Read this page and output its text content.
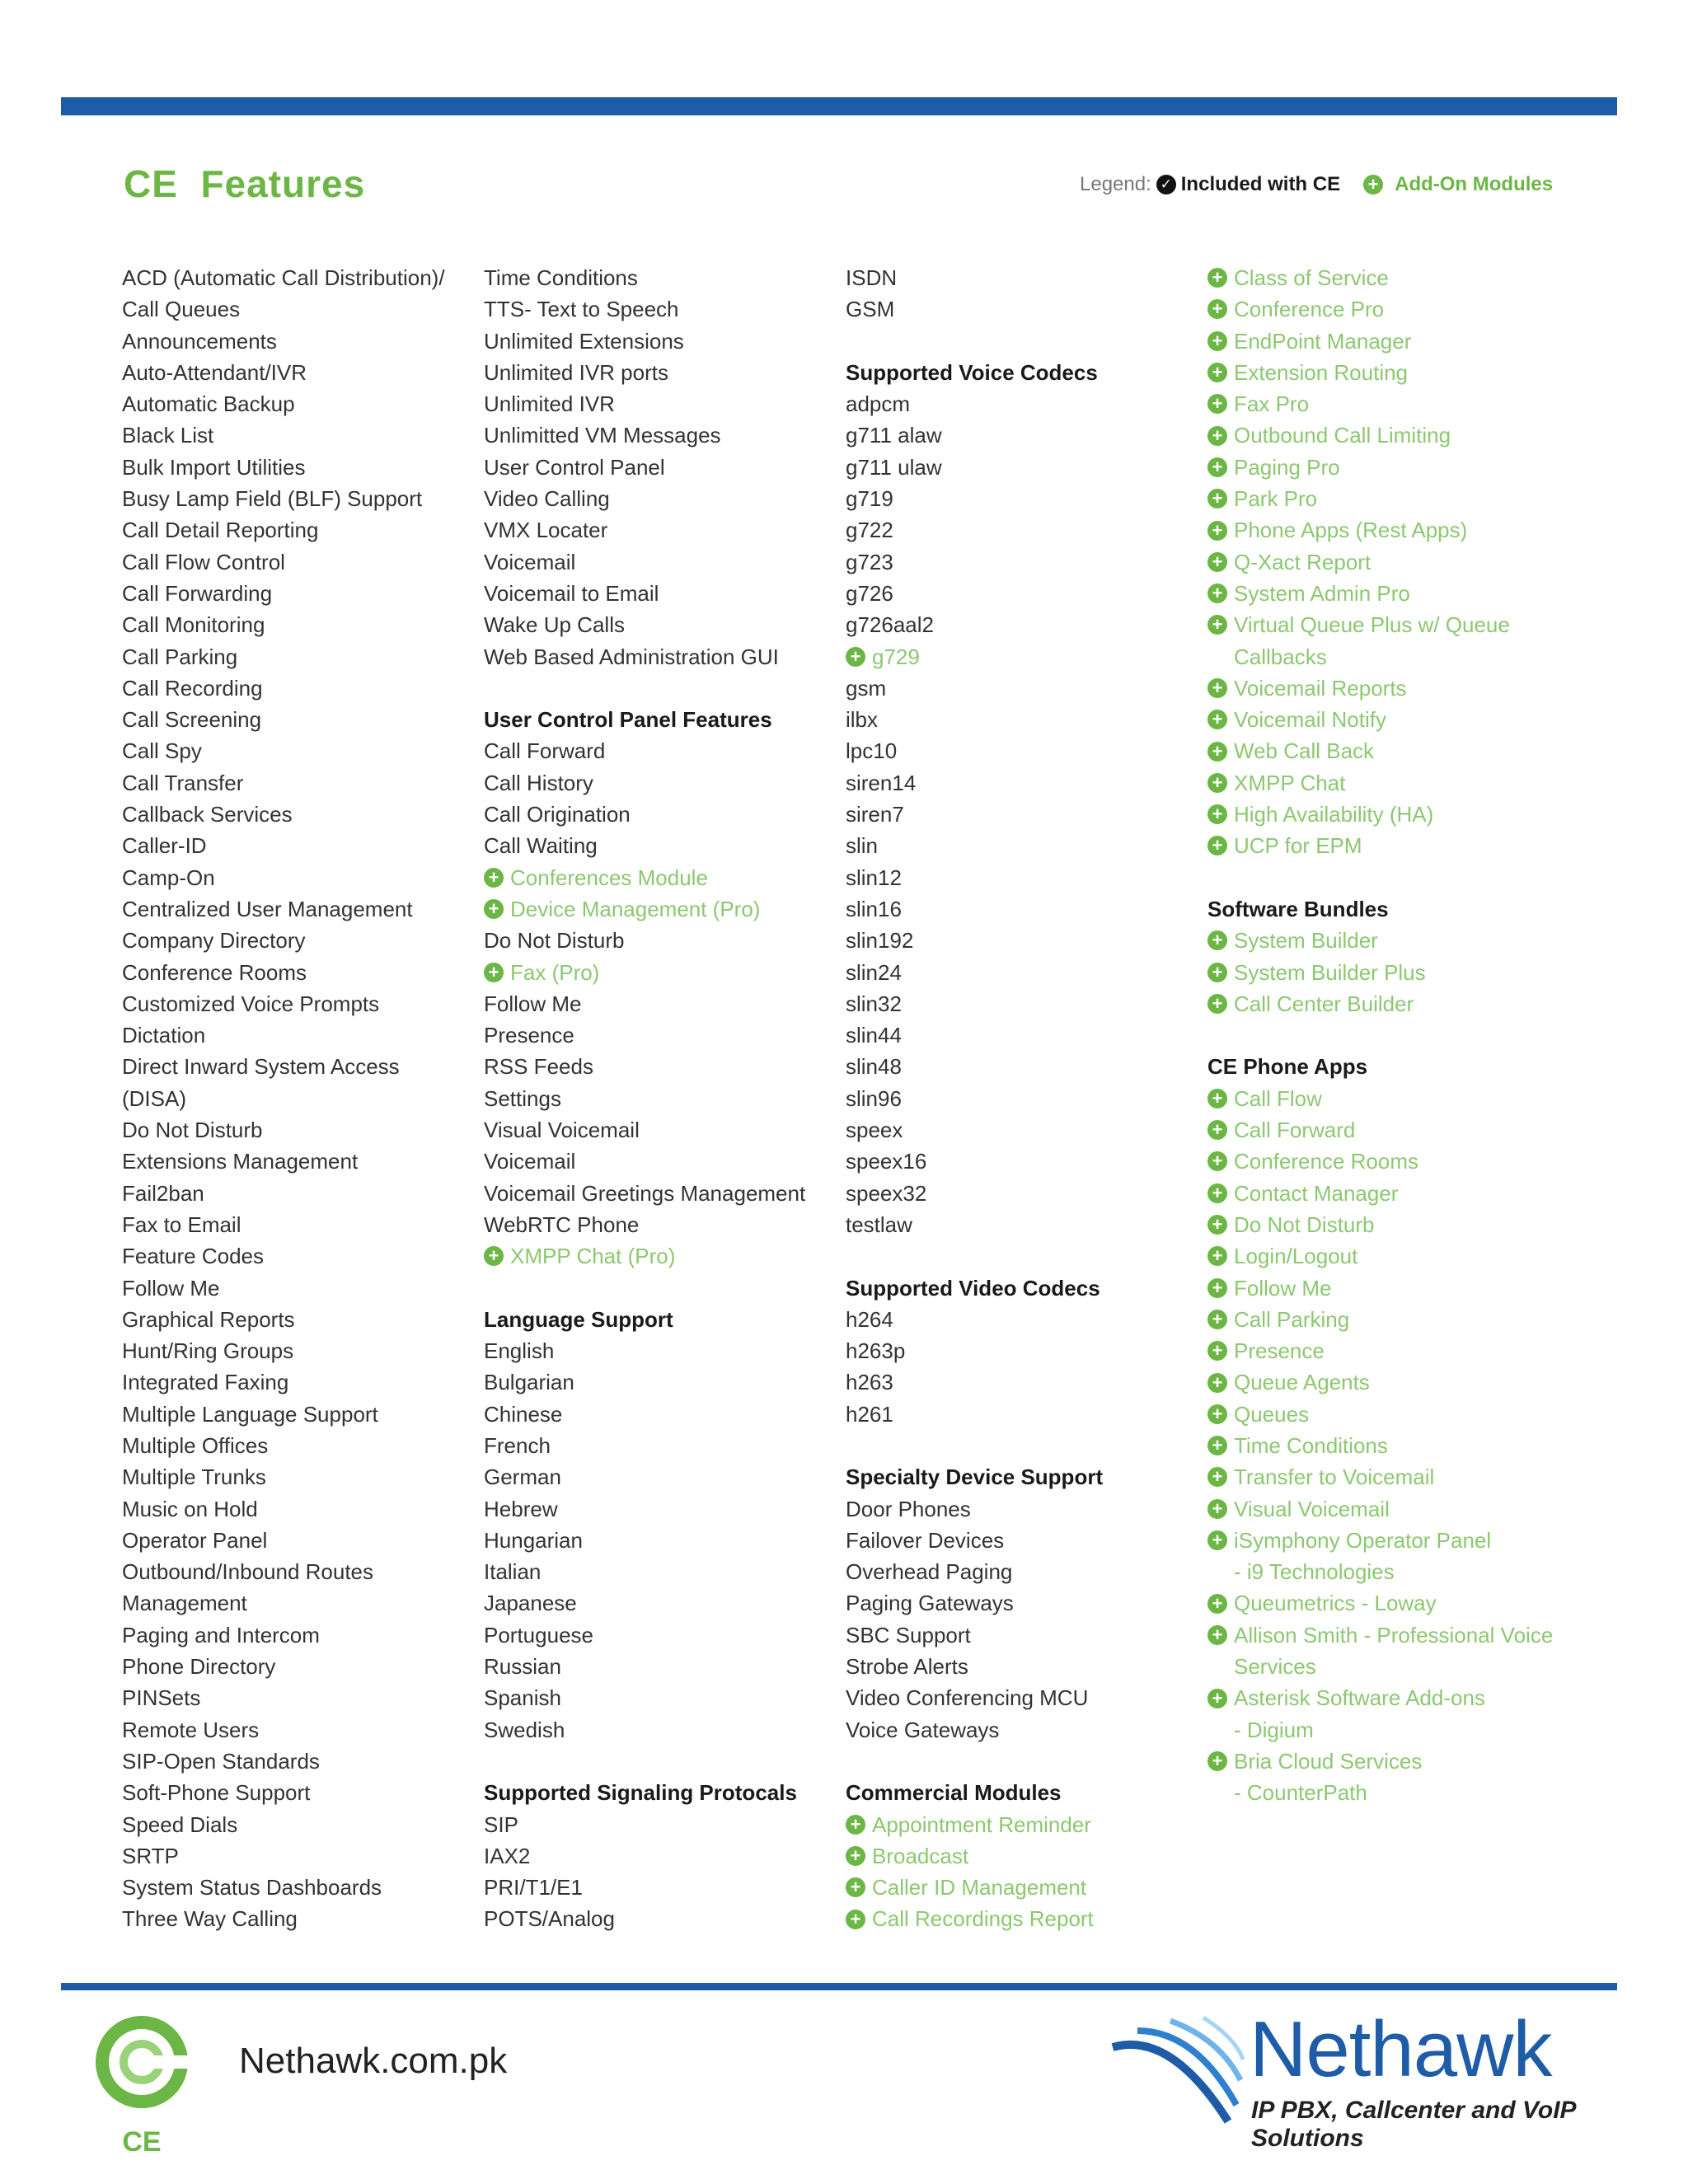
CE  Features	Legend: ✓ Included with CE + Add-On Modules
ACD (Automatic Call Distribution)/
Call Queues
Announcements
Auto-Attendant/IVR
Automatic Backup
Black List
Bulk Import Utilities
Busy Lamp Field (BLF) Support
Call Detail Reporting
Call Flow Control
Call Forwarding
Call Monitoring
Call Parking
Call Recording
Call Screening
Call Spy
Call Transfer
Callback Services
Caller-ID
Camp-On
Centralized User Management
Company Directory
Conference Rooms
Customized Voice Prompts
Dictation
Direct Inward System Access
(DISA)
Do Not Disturb
Extensions Management
Fail2ban
Fax to Email
Feature Codes
Follow Me
Graphical Reports
Hunt/Ring Groups
Integrated Faxing
Multiple Language Support
Multiple Offices
Multiple Trunks
Music on Hold
Operator Panel
Outbound/Inbound Routes
Management
Paging and Intercom
Phone Directory
PINSets
Remote Users
SIP-Open Standards
Soft-Phone Support
Speed Dials
SRTP
System Status Dashboards
Three Way Calling
Time Conditions
TTS- Text to Speech
Unlimited Extensions
Unlimited IVR ports
Unlimited IVR
Unlimitted VM Messages
User Control Panel
Video Calling
VMX Locater
Voicemail
Voicemail to Email
Wake Up Calls
Web Based Administration GUI
User Control Panel Features
Call Forward
Call History
Call Origination
Call Waiting
+ Conferences Module
+ Device Management (Pro)
Do Not Disturb
+ Fax (Pro)
Follow Me
Presence
RSS Feeds
Settings
Visual Voicemail
Voicemail
Voicemail Greetings Management
WebRTC Phone
+ XMPP Chat (Pro)
Language Support
English
Bulgarian
Chinese
French
German
Hebrew
Hungarian
Italian
Japanese
Portuguese
Russian
Spanish
Swedish
Supported Signaling Protocals
SIP
IAX2
PRI/T1/E1
POTS/Analog
ISDN
GSM
Supported Voice Codecs
adpcm
g711 alaw
g711 ulaw
g719
g722
g723
g726
g726aal2
+ g729
gsm
ilbx
lpc10
siren14
siren7
slin
slin12
slin16
slin192
slin24
slin32
slin44
slin48
slin96
speex
speex16
speex32
testlaw
Supported Video Codecs
h264
h263p
h263
h261
Specialty Device Support
Door Phones
Failover Devices
Overhead Paging
Paging Gateways
SBC Support
Strobe Alerts
Video Conferencing MCU
Voice Gateways
Commercial Modules
+ Appointment Reminder
+ Broadcast
+ Caller ID Management
+ Call Recordings Report
+ Class of Service
+ Conference Pro
+ EndPoint Manager
+ Extension Routing
+ Fax Pro
+ Outbound Call Limiting
+ Paging Pro
+ Park Pro
+ Phone Apps (Rest Apps)
+ Q-Xact Report
+ System Admin Pro
+ Virtual Queue Plus w/ Queue
Callbacks
+ Voicemail Reports
+ Voicemail Notify
+ Web Call Back
+ XMPP Chat
+ High Availability (HA)
+ UCP for EPM
Software Bundles
+ System Builder
+ System Builder Plus
+ Call Center Builder
CE Phone Apps
+ Call Flow
+ Call Forward
+ Conference Rooms
+ Contact Manager
+ Do Not Disturb
+ Login/Logout
+ Follow Me
+ Call Parking
+ Presence
+ Queue Agents
+ Queues
+ Time Conditions
+ Transfer to Voicemail
+ Visual Voicemail
+ iSymphony Operator Panel
- i9 Technologies
+ Queumetrics - Loway
+ Allison Smith - Professional Voice
Services
+ Asterisk Software Add-ons
- Digium
+ Bria Cloud Services
- CounterPath
CE
Nethawk.com.pk	Nethawk
IP PBX, Callcenter and VoIP Solutions
